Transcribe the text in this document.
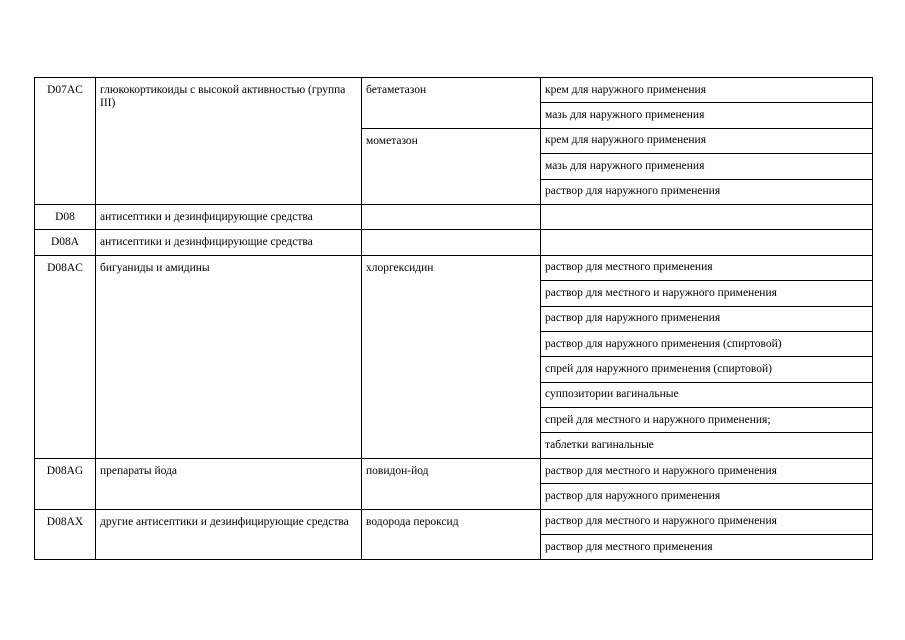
D07AC	глюкокортикоиды с высокой активностью (группа III)	бетаметазон	крем для наружного применения
			мазь для наружного применения
		мометазон	крем для наружного применения
			мазь для наружного применения
			раствор для наружного применения
D08	антисептики и дезинфицирующие средства		
D08A	антисептики и дезинфицирующие средства		
D08AC	бигуаниды и амидины	хлоргексидин	раствор для местного применения
			раствор для местного и наружного применения
			раствор для наружного применения
			раствор для наружного применения (спиртовой)
			спрей для наружного применения (спиртовой)
			суппозитории вагинальные
			спрей для местного и наружного применения;
			таблетки вагинальные
D08AG	препараты йода	повидон-йод	раствор для местного и наружного применения
			раствор для наружного применения
D08AX	другие антисептики и дезинфицирующие средства	водорода пероксид	раствор для местного и наружного применения
			раствор для местного применения
